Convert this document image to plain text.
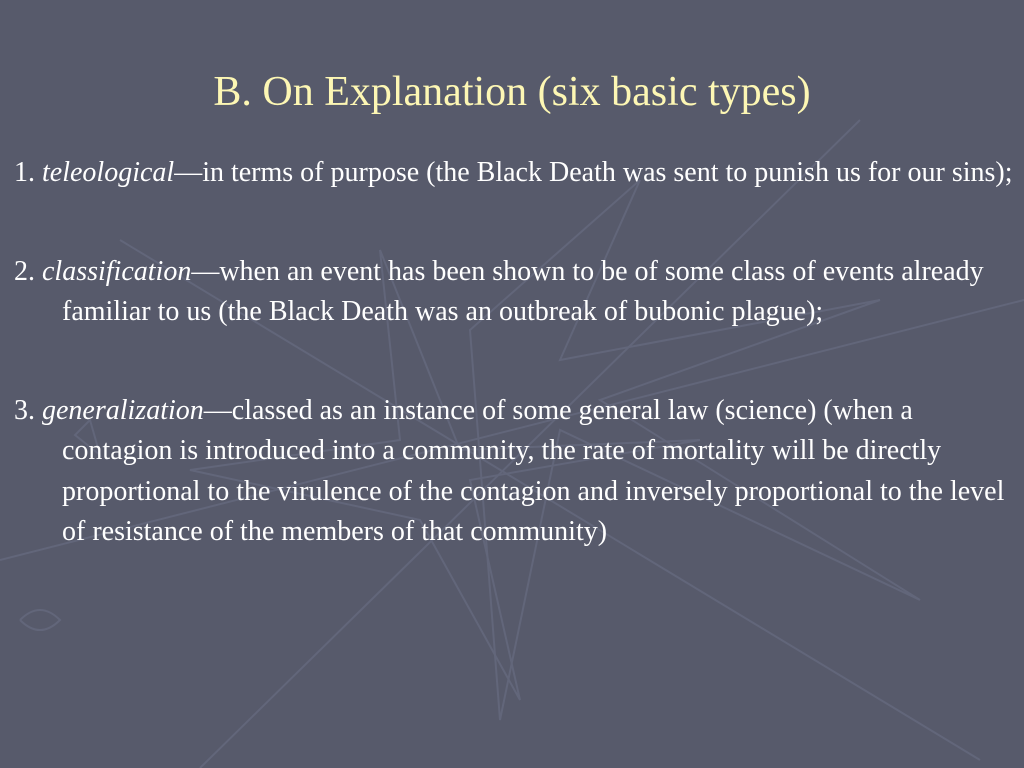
B. On Explanation (six basic types)
1. teleological—in terms of purpose (the Black Death was sent to punish us for our sins);
2. classification—when an event has been shown to be of some class of events already familiar to us (the Black Death was an outbreak of bubonic plague);
3. generalization—classed as an instance of some general law (science) (when a contagion is introduced into a community, the rate of mortality will be directly proportional to the virulence of the contagion and inversely proportional to the level of resistance of the members of that community)
